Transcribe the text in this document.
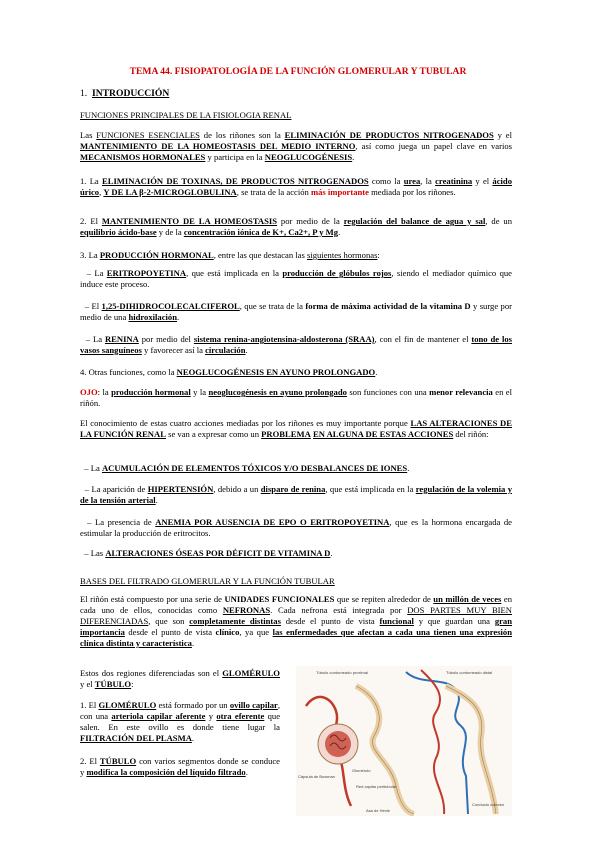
TEMA 44. FISIOPATOLOGÍA DE LA FUNCIÓN GLOMERULAR Y TUBULAR
1. INTRODUCCIÓN
FUNCIONES PRINCIPALES DE LA FISIOLOGIA RENAL
Las FUNCIONES ESENCIALES de los riñones son la ELIMINACIÓN DE PRODUCTOS NITROGENADOS y el MANTENIMIENTO DE LA HOMEOSTASIS DEL MEDIO INTERNO, así como juega un papel clave en varios MECANISMOS HORMONALES y participa en la NEOGLUCOGÉNESIS.
1. La ELIMINACIÓN DE TOXINAS, DE PRODUCTOS NITROGENADOS como la urea, la creatinina y el ácido úrico, Y DE LA β-2-MICROGLOBULINA, se trata de la acción más importante mediada por los riñones.
2. El MANTENIMIENTO DE LA HOMEOSTASIS por medio de la regulación del balance de agua y sal, de un equilibrio ácido-base y de la concentración iónica de K+, Ca2+, P y Mg.
3. La PRODUCCIÓN HORMONAL, entre las que destacan las siguientes hormonas:
– La ERITROPOYETINA, que está implicada en la producción de glóbulos rojos, siendo el mediador químico que induce este proceso.
– El 1,25-DIHIDROCOLECALCIFEROL, que se trata de la forma de máxima actividad de la vitamina D y surge por medio de una hidroxilación.
– La RENINA por medio del sistema renina-angiotensina-aldosterona (SRAA), con el fin de mantener el tono de los vasos sanguíneos y favorecer así la circulación.
4. Otras funciones, como la NEOGLUCOGÉNESIS EN AYUNO PROLONGADO.
OJO: la producción hormonal y la neoglucogénesis en ayuno prolongado son funciones con una menor relevancia en el riñón.
El conocimiento de estas cuatro acciones mediadas por los riñones es muy importante porque LAS ALTERACIONES DE LA FUNCIÓN RENAL se van a expresar como un PROBLEMA EN ALGUNA DE ESTAS ACCIONES del riñón:
– La ACUMULACIÓN DE ELEMENTOS TÓXICOS Y/O DESBALANCES DE IONES.
– La aparición de HIPERTENSIÓN, debido a un disparo de renina, que está implicada en la regulación de la volemia y de la tensión arterial.
– La presencia de ANEMIA POR AUSENCIA DE EPO O ERITROPOYETINA, que es la hormona encargada de estimular la producción de eritrocitos.
– Las ALTERACIONES ÓSEAS POR DÉFICIT DE VITAMINA D.
BASES DEL FILTRADO GLOMERULAR Y LA FUNCIÓN TUBULAR
El riñón está compuesto por una serie de UNIDADES FUNCIONALES que se repiten alrededor de un millón de veces en cada uno de ellos, conocidas como NEFRONAS. Cada nefrona está integrada por DOS PARTES MUY BIEN DIFERENCIADAS, que son completamente distintas desde el punto de vista funcional y que guardan una gran importancia desde el punto de vista clínico, ya que las enfermedades que afectan a cada una tienen una expresión clínica distinta y característica.
Estos dos regiones diferenciadas son el GLOMÉRULO y el TÚBULO:
1. El GLOMÉRULO está formado por un ovillo capilar, con una arteriola capilar aferente y otra eferente que salen. En este ovillo es donde tiene lugar la FILTRACIÓN DEL PLASMA.
2. El TÚBULO con varios segmentos donde se conduce y modifica la composición del líquido filtrado.
Túbulo contorneado proximal	Túbulo contorneado distal
Cápsula de Bowman
Glomérulo
Red capilar peritubular
Asa de Henle
Conducto colector
